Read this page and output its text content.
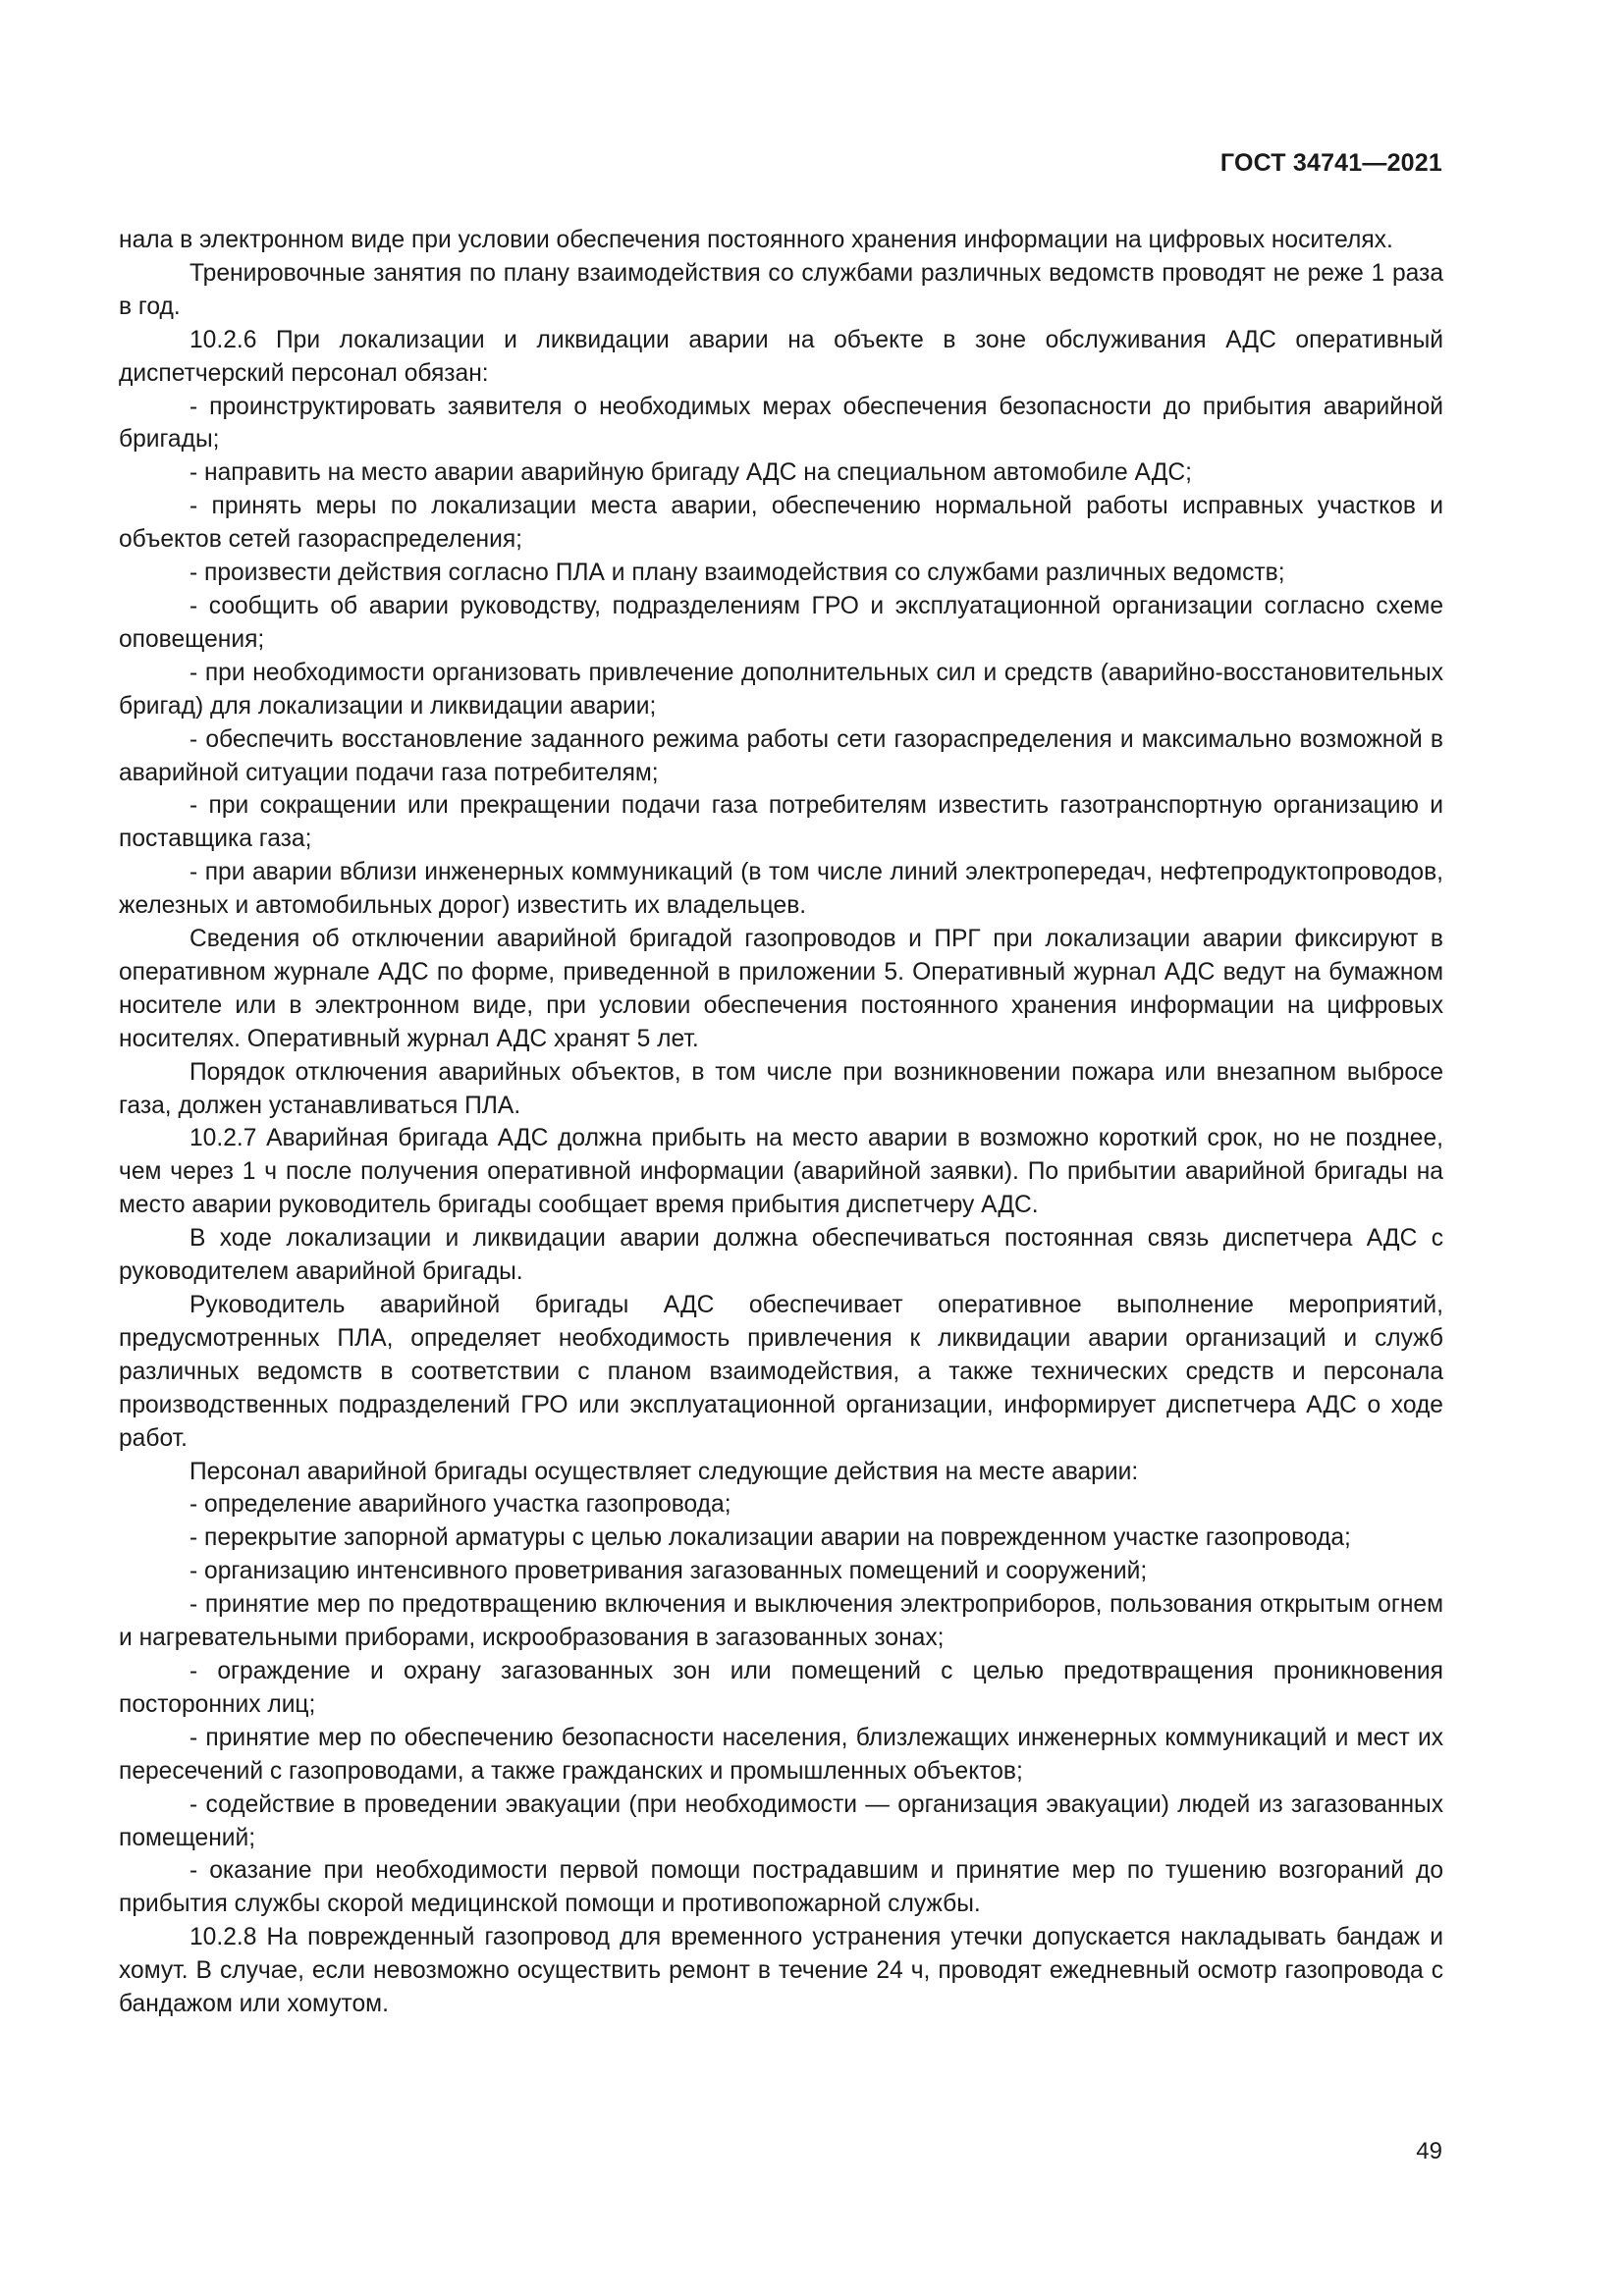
ГОСТ 34741—2021

нала в электронном виде при условии обеспечения постоянного хранения информации на цифровых носителях.

Тренировочные занятия по плану взаимодействия со службами различных ведомств проводят не реже 1 раза в год.

10.2.6 При локализации и ликвидации аварии на объекте в зоне обслуживания АДС оперативный диспетчерский персонал обязан:

- проинструктировать заявителя о необходимых мерах обеспечения безопасности до прибытия аварийной бригады;

- направить на место аварии аварийную бригаду АДС на специальном автомобиле АДС;

- принять меры по локализации места аварии, обеспечению нормальной работы исправных участков и объектов сетей газораспределения;

- произвести действия согласно ПЛА и плану взаимодействия со службами различных ведомств;

- сообщить об аварии руководству, подразделениям ГРО и эксплуатационной организации согласно схеме оповещения;

- при необходимости организовать привлечение дополнительных сил и средств (аварийно-восстановительных бригад) для локализации и ликвидации аварии;

- обеспечить восстановление заданного режима работы сети газораспределения и максимально возможной в аварийной ситуации подачи газа потребителям;

- при сокращении или прекращении подачи газа потребителям известить газотранспортную организацию и поставщика газа;

- при аварии вблизи инженерных коммуникаций (в том числе линий электропередач, нефтепродуктопроводов, железных и автомобильных дорог) известить их владельцев.

Сведения об отключении аварийной бригадой газопроводов и ПРГ при локализации аварии фиксируют в оперативном журнале АДС по форме, приведенной в приложении 5. Оперативный журнал АДС ведут на бумажном носителе или в электронном виде, при условии обеспечения постоянного хранения информации на цифровых носителях. Оперативный журнал АДС хранят 5 лет.

Порядок отключения аварийных объектов, в том числе при возникновении пожара или внезапном выбросе газа, должен устанавливаться ПЛА.

10.2.7 Аварийная бригада АДС должна прибыть на место аварии в возможно короткий срок, но не позднее, чем через 1 ч после получения оперативной информации (аварийной заявки). По прибытии аварийной бригады на место аварии руководитель бригады сообщает время прибытия диспетчеру АДС.

В ходе локализации и ликвидации аварии должна обеспечиваться постоянная связь диспетчера АДС с руководителем аварийной бригады.

Руководитель аварийной бригады АДС обеспечивает оперативное выполнение мероприятий, предусмотренных ПЛА, определяет необходимость привлечения к ликвидации аварии организаций и служб различных ведомств в соответствии с планом взаимодействия, а также технических средств и персонала производственных подразделений ГРО или эксплуатационной организации, информирует диспетчера АДС о ходе работ.

Персонал аварийной бригады осуществляет следующие действия на месте аварии:

- определение аварийного участка газопровода;

- перекрытие запорной арматуры с целью локализации аварии на поврежденном участке газопровода;

- организацию интенсивного проветривания загазованных помещений и сооружений;

- принятие мер по предотвращению включения и выключения электроприборов, пользования открытым огнем и нагревательными приборами, искрообразования в загазованных зонах;

- ограждение и охрану загазованных зон или помещений с целью предотвращения проникновения посторонних лиц;

- принятие мер по обеспечению безопасности населения, близлежащих инженерных коммуникаций и мест их пересечений с газопроводами, а также гражданских и промышленных объектов;

- содействие в проведении эвакуации (при необходимости — организация эвакуации) людей из загазованных помещений;

- оказание при необходимости первой помощи пострадавшим и принятие мер по тушению возгораний до прибытия службы скорой медицинской помощи и противопожарной службы.

10.2.8 На поврежденный газопровод для временного устранения утечки допускается накладывать бандаж и хомут. В случае, если невозможно осуществить ремонт в течение 24 ч, проводят ежедневный осмотр газопровода с бандажом или хомутом.

49
